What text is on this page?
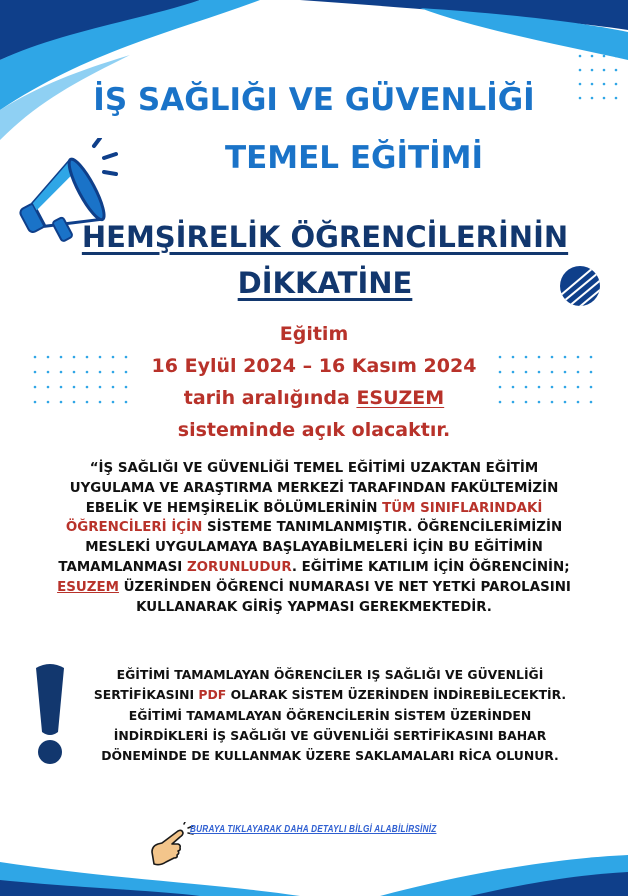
İŞ SAĞLIĞI VE GÜVENLİĞİ
TEMEL EĞİTİMİ
HEMŞİRELİK ÖĞRENCİLERİNİN
DİKKATİNE
Eğitim
16 Eylül 2024 – 16 Kasım 2024
tarih aralığında ESUZEM
sisteminde açık olacaktır.
“İŞ SAĞLIĞI VE GÜVENLİĞİ TEMEL EĞİTİMİ UZAKTAN EĞİTİM
UYGULAMA VE ARAŞTIRMA MERKEZİ TARAFINDAN FAKÜLTEMİZİN
EBELİK VE HEMŞİRELİK BÖLÜMLERİNİN TÜM SINIFLARINDAKİ
ÖĞRENCİLERİ İÇİN SİSTEME TANIMLANMIŞTIR. ÖĞRENCİLERİMİZİN
MESLEKİ UYGULAMAYA BAŞLAYABİLMELERİ İÇİN BU EĞİTİMİN
TAMAMLANMASI ZORUNLUDUR. EĞİTİME KATILIM İÇİN ÖĞRENCİNİN;
ESUZEM ÜZERİNDEN ÖĞRENCİ NUMARASI VE NET YETKİ PAROLASINI
KULLANARAK GİRİŞ YAPMASI GEREKMEKTEDİR.
EĞİTİMİ TAMAMLAYAN ÖĞRENCİLER IŞ SAĞLIĞI VE GÜVENLİĞİ
SERTİFİKASINI PDF OLARAK SİSTEM ÜZERİNDEN İNDİREBİLECEKTİR.
EĞİTİMİ TAMAMLAYAN ÖĞRENCİLERİN SİSTEM ÜZERİNDEN
İNDİRDİKLERİ İŞ SAĞLIĞI VE GÜVENLİĞİ SERTİFİKASINI BAHAR
DÖNEMİNDE DE KULLANMAK ÜZERE SAKLAMALARI RİCA OLUNUR.
BURAYA TIKLAYARAK DAHA DETAYLI BİLGİ ALABİLİRSİNİZ
